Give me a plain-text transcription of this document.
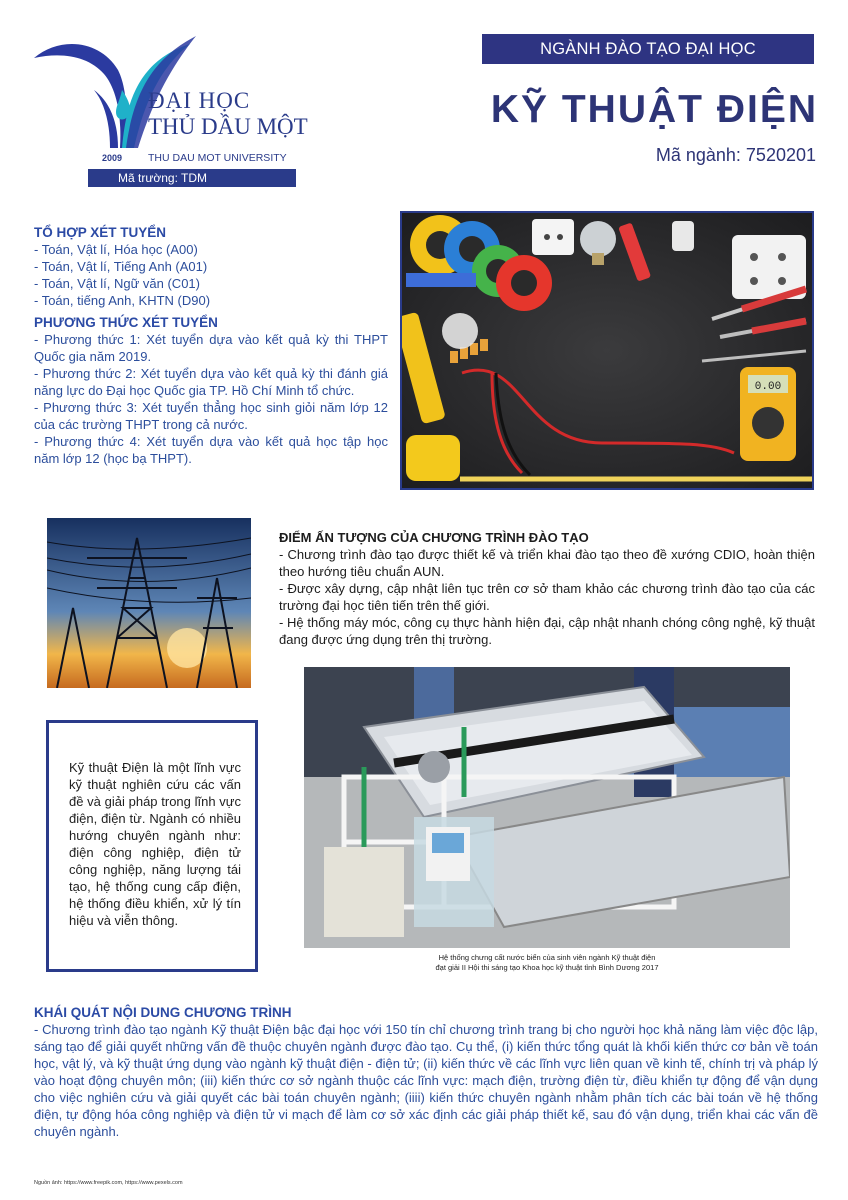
ĐẠI HỌC
THỦ DẦU MỘT
2009 THU DAU MOT UNIVERSITY
Mã trường: TDM
NGÀNH ĐÀO TẠO ĐẠI HỌC
KỸ THUẬT ĐIỆN
Mã ngành: 7520201
TỔ HỢP XÉT TUYỂN
- Toán, Vật lí, Hóa học (A00)
- Toán, Vật lí, Tiếng Anh (A01)
- Toán, Vật lí, Ngữ văn (C01)
- Toán, tiếng Anh, KHTN (D90)
PHƯƠNG THỨC XÉT TUYỂN
- Phương thức 1: Xét tuyển dựa vào kết quả kỳ thi THPT Quốc gia năm 2019.
- Phương thức 2: Xét tuyển dựa vào kết quả kỳ thi đánh giá năng lực do Đại học Quốc gia TP. Hồ Chí Minh tổ chức.
- Phương thức 3: Xét tuyển thẳng học sinh giỏi năm lớp 12 của các trường THPT trong cả nước.
- Phương thức 4: Xét tuyển dựa vào kết quả học tập học năm lớp 12 (học bạ THPT).
0.00
ĐIỂM ẤN TƯỢNG CỦA CHƯƠNG TRÌNH ĐÀO TẠO
- Chương trình đào tạo được thiết kế và triển khai đào tạo theo đề xướng CDIO, hoàn thiện theo hướng tiêu chuẩn AUN.
- Được xây dựng, cập nhật liên tục trên cơ sở tham khảo các chương trình đào tạo của các trường đại học tiên tiến trên thế giới.
- Hệ thống máy móc, công cụ thực hành hiện đại, cập nhật nhanh chóng công nghệ, kỹ thuật đang được ứng dụng trên thị trường.
Kỹ thuật Điện là một lĩnh vực kỹ thuật nghiên cứu các vấn đề và giải pháp trong lĩnh vực điện, điện từ. Ngành có nhiều hướng chuyên ngành như: điện công nghiệp, điện tử công nghiệp, năng lượng tái tạo, hệ thống cung cấp điện, hệ thống điều khiển, xử lý tín hiệu và viễn thông.
Hệ thống chưng cất nước biển của sinh viên ngành Kỹ thuật điện
đạt giải II Hội thi sáng tạo Khoa học kỹ thuật tỉnh Bình Dương 2017
KHÁI QUÁT NỘI DUNG CHƯƠNG TRÌNH
- Chương trình đào tạo ngành Kỹ thuật Điện bậc đại học với 150 tín chỉ chương trình trang bị cho người học khả năng làm việc độc lập, sáng tạo để giải quyết những vấn đề thuộc chuyên ngành được đào tạo. Cụ thể, (i) kiến thức tổng quát là khối kiến thức cơ bản về toán học, vật lý, và kỹ thuật ứng dụng vào ngành kỹ thuật điện - điện tử; (ii) kiến thức về các lĩnh vực liên quan về kinh tế, chính trị và pháp lý vào hoạt động chuyên môn; (iii) kiến thức cơ sở ngành thuộc các lĩnh vực: mạch điện, trường điện từ, điều khiển tự động để vận dụng cho việc nghiên cứu và giải quyết các bài toán chuyên ngành; (iiii) kiến thức chuyên ngành nhằm phân tích các bài toán về hệ thống điện, tự động hóa công nghiệp và điện tử vi mạch để làm cơ sở xác định các giải pháp thiết kế, sau đó vận dụng, triển khai các vấn đề chuyên ngành.
Nguồn ảnh: https://www.freepik.com, https://www.pexels.com
